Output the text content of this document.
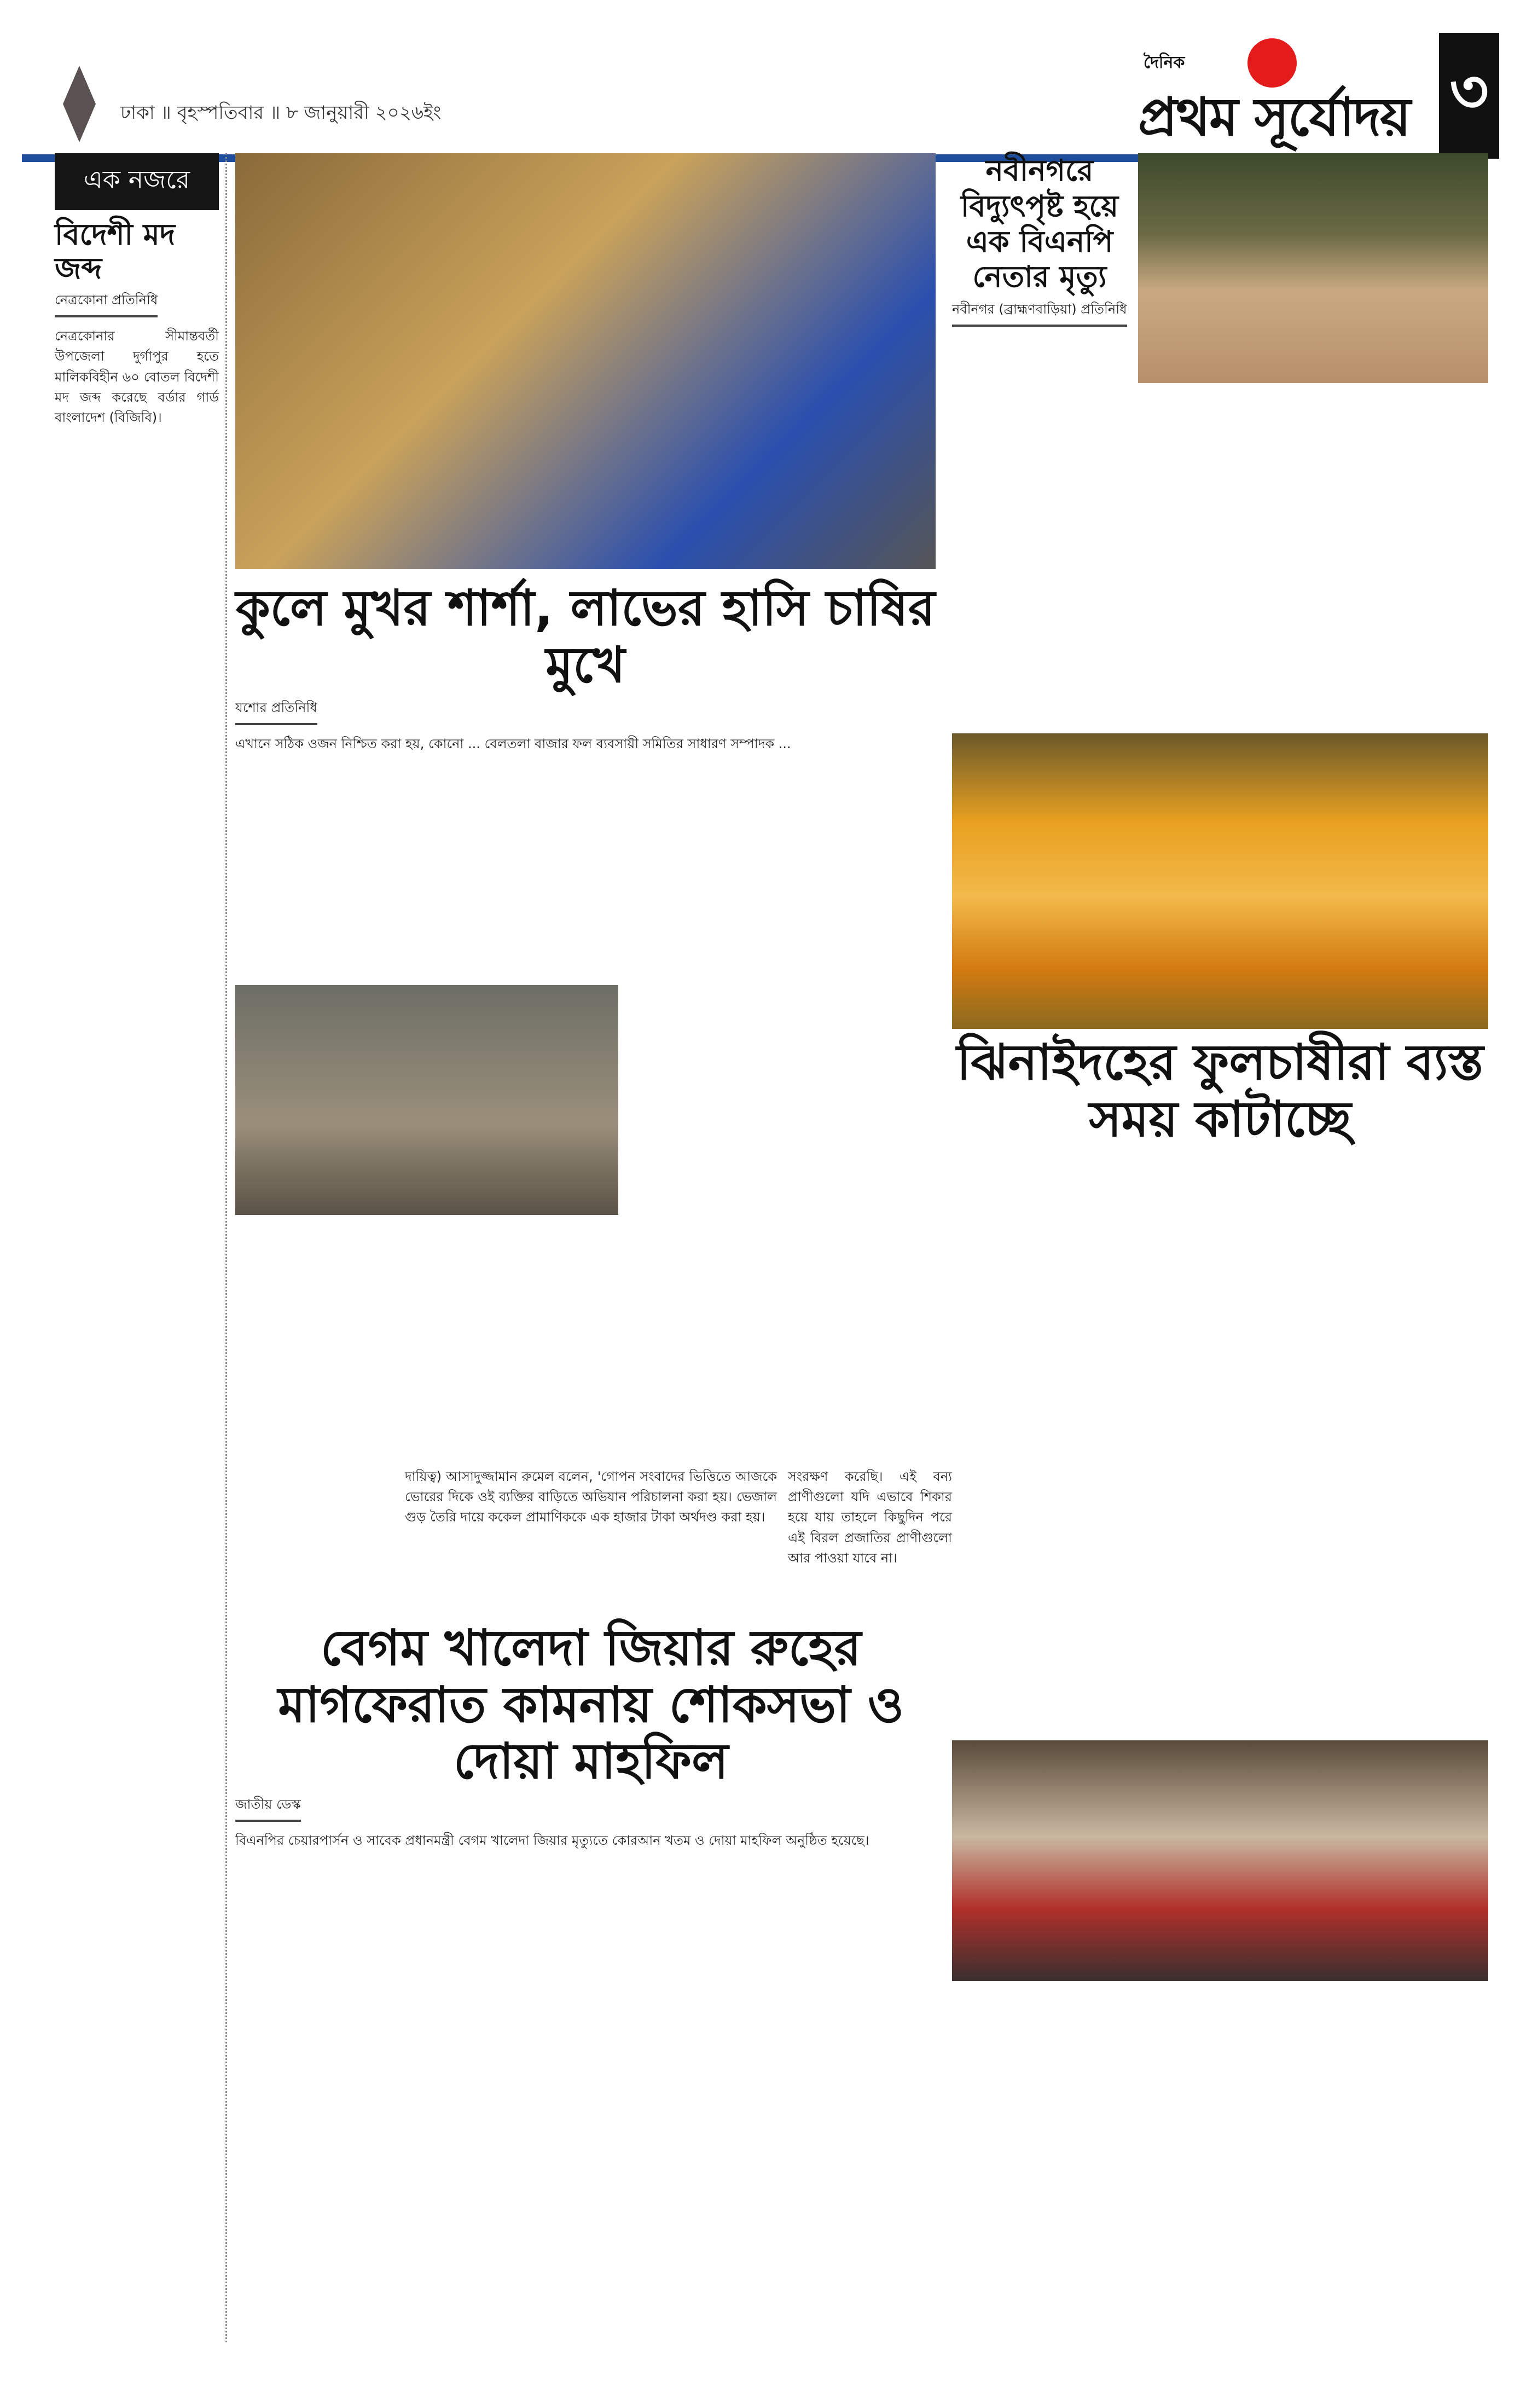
ঢাকা ॥ বৃহস্পতিবার ॥ ৮ জানুয়ারী ২০২৬ইং
দৈনিক
প্রথম সূর্যোদয় ৩
এক নজরে
বিদেশী মদ জব্দ
নেত্রকোনা প্রতিনিধি
নেত্রকোনার সীমান্তবর্তী উপজেলা দুর্গাপুর হতে মালিকবিহীন ৬০ বোতল বিদেশী মদ জব্দ করেছে বর্ডার গার্ড বাংলাদেশ (বিজিবি)।
কুলে মুখর শার্শা, লাভের হাসি চাষির মুখে
যশোর প্রতিনিধি
এখানে সঠিক ওজন নিশ্চিত করা হয়, কোনো ... বেলতলা বাজার ফল ব্যবসায়ী সমিতির সাধারণ সম্পাদক ...
নবীনগরে বিদ্যুৎপৃষ্ট হয়ে এক বিএনপি নেতার মৃত্যু
নবীনগর (ব্রাহ্মণবাড়িয়া) প্রতিনিধি
ঝিনাইদহের ফুলচাষীরা ব্যস্ত সময় কাটাচ্ছে
দায়িত্ব) আসাদুজ্জামান রুমেল বলেন, 'গোপন সংবাদের ভিত্তিতে আজকে ভোরের দিকে ওই ব্যক্তির বাড়িতে অভিযান পরিচালনা করা হয়। ভেজাল গুড় তৈরি দায়ে ককেল প্রামাণিককে এক হাজার টাকা অর্থদণ্ড করা হয়।
সংরক্ষণ করেছি। এই বন্য প্রাণীগুলো যদি এভাবে শিকার হয়ে যায় তাহলে কিছুদিন পরে এই বিরল প্রজাতির প্রাণীগুলো আর পাওয়া যাবে না।
বেগম খালেদা জিয়ার রুহের মাগফেরাত কামনায় শোকসভা ও দোয়া মাহফিল
জাতীয় ডেস্ক
বিএনপির চেয়ারপার্সন ও সাবেক প্রধানমন্ত্রী বেগম খালেদা জিয়ার মৃত্যুতে কোরআন খতম ও দোয়া মাহফিল অনুষ্ঠিত হয়েছে।
